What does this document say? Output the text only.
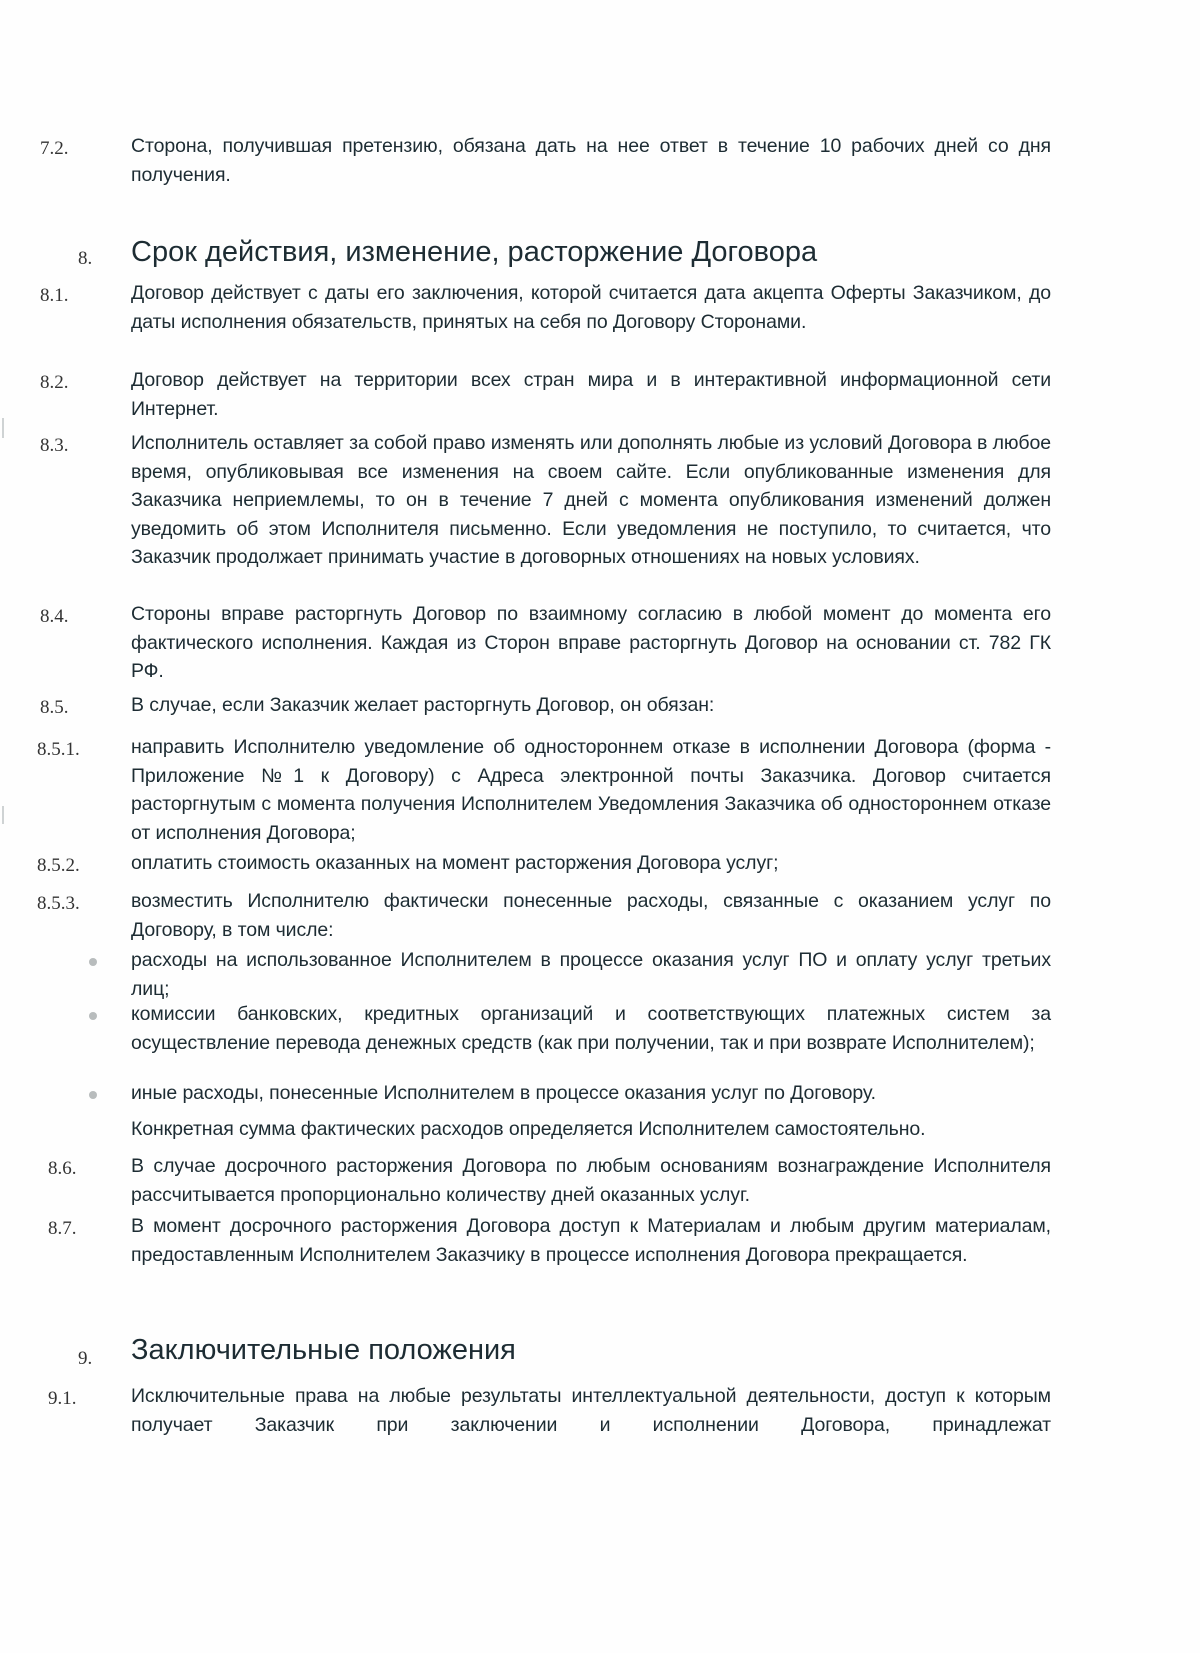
7.2.	Сторона, получившая претензию, обязана дать на нее ответ в течение 10 рабочих дней со дня получения.
8. Срок действия, изменение, расторжение Договора
8.1.	Договор действует с даты его заключения, которой считается дата акцепта Оферты Заказчиком, до даты исполнения обязательств, принятых на себя по Договору Сторонами.
8.2.	Договор действует на территории всех стран мира и в интерактивной информационной сети Интернет.
8.3.	Исполнитель оставляет за собой право изменять или дополнять любые из условий Договора в любое время, опубликовывая все изменения на своем сайте. Если опубликованные изменения для Заказчика неприемлемы, то он в течение 7 дней с момента опубликования изменений должен уведомить об этом Исполнителя письменно. Если уведомления не поступило, то считается, что Заказчик продолжает принимать участие в договорных отношениях на новых условиях.
8.4.	Стороны вправе расторгнуть Договор по взаимному согласию в любой момент до момента его фактического исполнения. Каждая из Сторон вправе расторгнуть Договор на основании ст. 782 ГК РФ.
8.5.	В случае, если Заказчик желает расторгнуть Договор, он обязан:
8.5.1.	направить Исполнителю уведомление об одностороннем отказе в исполнении Договора (форма - Приложение №1 к Договору) с Адреса электронной почты Заказчика. Договор считается расторгнутым с момента получения Исполнителем Уведомления Заказчика об одностороннем отказе от исполнения Договора;
8.5.2.	оплатить стоимость оказанных на момент расторжения Договора услуг;
8.5.3.	возместить Исполнителю фактически понесенные расходы, связанные с оказанием услуг по Договору, в том числе:
расходы на использованное Исполнителем в процессе оказания услуг ПО и оплату услуг третьих лиц;
комиссии банковских, кредитных организаций и соответствующих платежных систем за осуществление перевода денежных средств (как при получении, так и при возврате Исполнителем);
иные расходы, понесенные Исполнителем в процессе оказания услуг по Договору.
Конкретная сумма фактических расходов определяется Исполнителем самостоятельно.
8.6.	В случае досрочного расторжения Договора по любым основаниям вознаграждение Исполнителя рассчитывается пропорционально количеству дней оказанных услуг.
8.7.	В момент досрочного расторжения Договора доступ к Материалам и любым другим материалам, предоставленным Исполнителем Заказчику в процессе исполнения Договора прекращается.
9. Заключительные положения
9.1.	Исключительные права на любые результаты интеллектуальной деятельности, доступ к которым получает Заказчик при заключении и исполнении Договора, принадлежат
